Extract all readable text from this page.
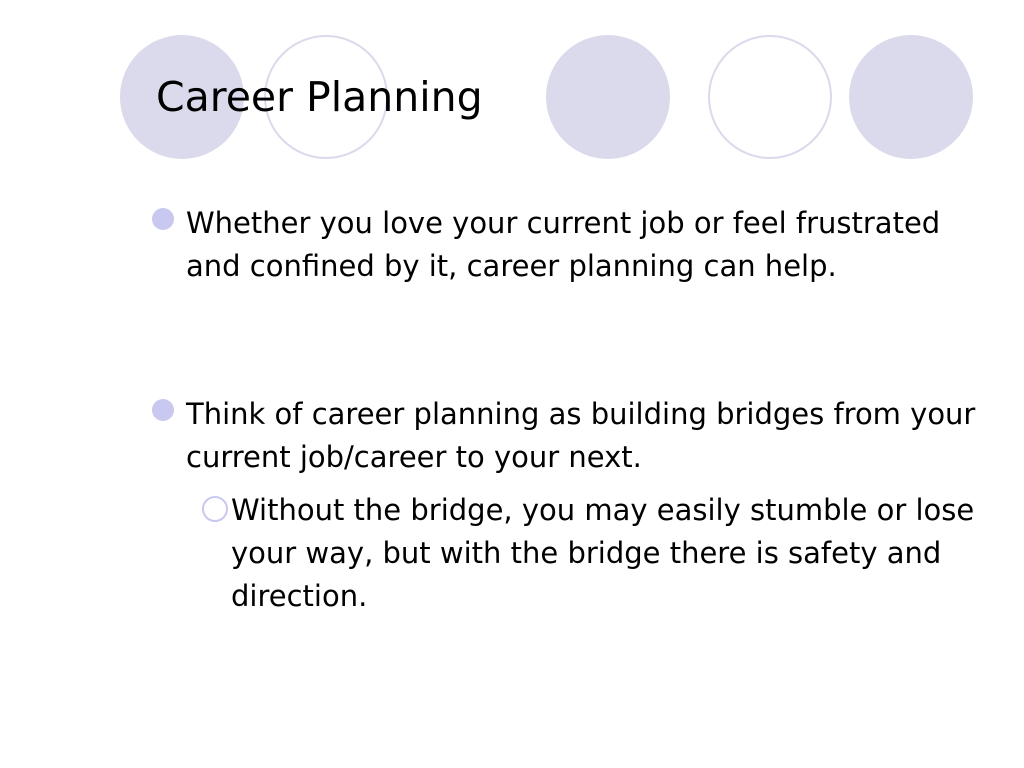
Career Planning
Whether you love your current job or feel frustrated and confined by it, career planning can help.
Think of career planning as building bridges from your current job/career to your next.
Without the bridge, you may easily stumble or lose your way, but with the bridge there is safety and direction.
